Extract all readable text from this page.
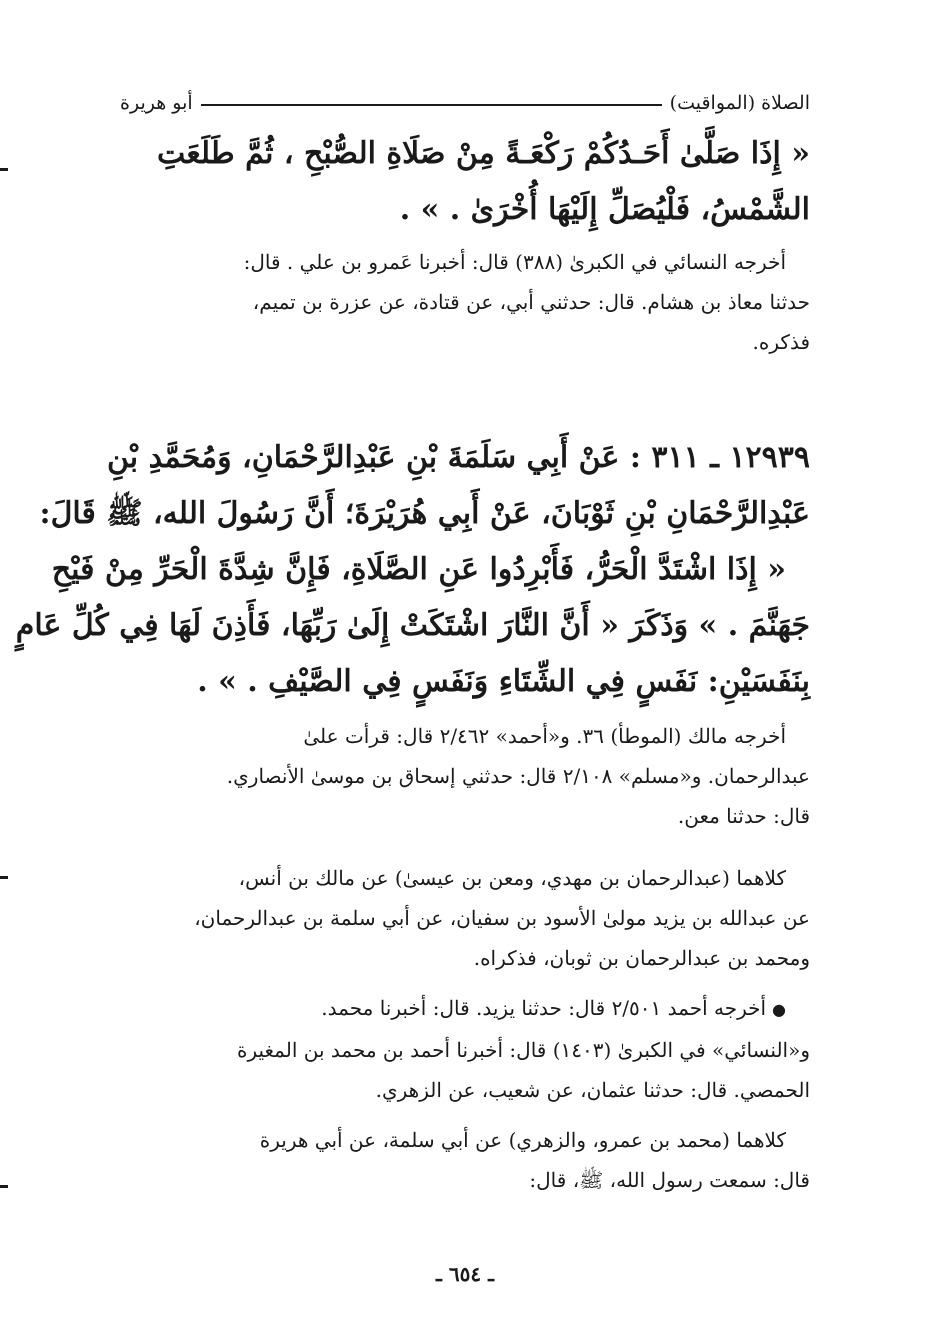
الصلاة (المواقيت)
أبو هريرة
« إِذَا صَلَّىٰ أَحَـدُكُمْ رَكْعَـةً مِنْ صَلَاةِ الصُّبْحِ ، ثُمَّ طَلَعَتِ
الشَّمْسُ، فَلْيُصَلِّ إِلَيْهَا أُخْرَىٰ . » .
أخرجه النسائي في الكبرىٰ (٣٨٨) قال: أخبرنا عَمرو بن علي . قال:
حدثنا معاذ بن هشام. قال: حدثني أبي، عن قتادة، عن عزرة بن تميم،
فذكره.
١٢٩٣٩ ـ ٣١١ : عَنْ أَبِي سَلَمَةَ بْنِ عَبْدِالرَّحْمَانِ، وَمُحَمَّدِ بْنِ
عَبْدِالرَّحْمَانِ بْنِ ثَوْبَانَ، عَنْ أَبِي هُرَيْرَةَ؛ أَنَّ رَسُولَ الله، ﷺ قَالَ:
« إِذَا اشْتَدَّ الْحَرُّ، فَأَبْرِدُوا عَنِ الصَّلَاةِ، فَإِنَّ شِدَّةَ الْحَرِّ مِنْ فَيْحِ
جَهَنَّمَ . » وَذَكَرَ « أَنَّ النَّارَ اشْتَكَتْ إِلَىٰ رَبِّهَا، فَأَذِنَ لَهَا فِي كُلِّ عَامٍ
بِنَفَسَيْنِ: نَفَسٍ فِي الشِّتَاءِ وَنَفَسٍ فِي الصَّيْفِ . » .
أخرجه مالك (الموطأ) ٣٦. و«أحمد» ٢/٤٦٢ قال: قرأت علىٰ
عبدالرحمان. و«مسلم» ٢/١٠٨ قال: حدثني إسحاق بن موسىٰ الأنصاري.
قال: حدثنا معن.
كلاهما (عبدالرحمان بن مهدي، ومعن بن عيسىٰ) عن مالك بن أنس،
عن عبدالله بن يزيد مولىٰ الأسود بن سفيان، عن أبي سلمة بن عبدالرحمان،
ومحمد بن عبدالرحمان بن ثوبان، فذكراه.
●أخرجه أحمد ٢/٥٠١ قال: حدثنا يزيد. قال: أخبرنا محمد.
و«النسائي» في الكبرىٰ (١٤٠٣) قال: أخبرنا أحمد بن محمد بن المغيرة
الحمصي. قال: حدثنا عثمان، عن شعيب، عن الزهري.
كلاهما (محمد بن عمرو، والزهري) عن أبي سلمة، عن أبي هريرة
قال: سمعت رسول الله، ﷺ، قال:
ـ ٦٥٤ ـ
